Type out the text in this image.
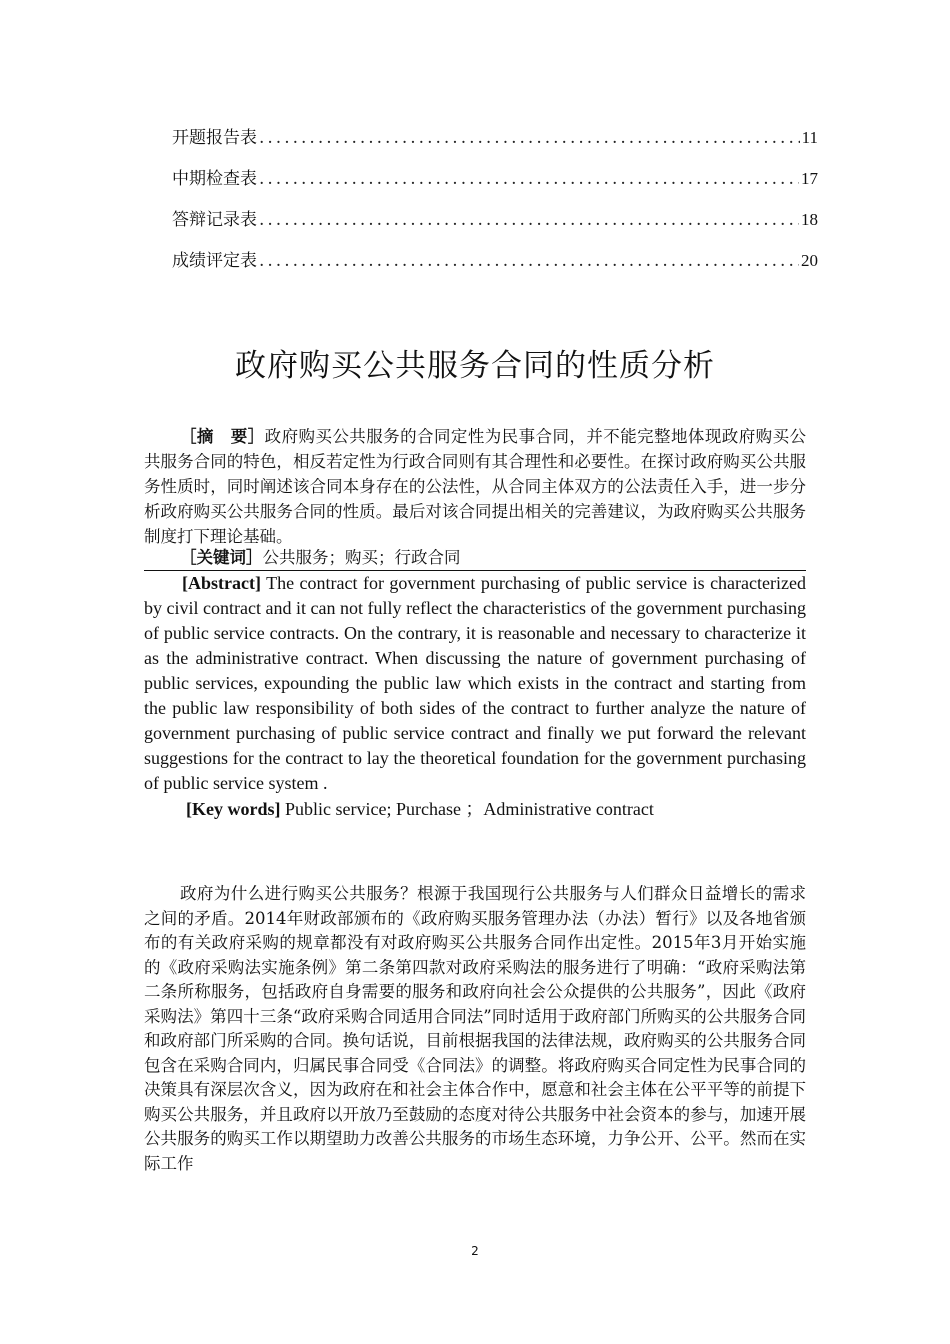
开题报告表 .....	11
中期检查表 .....	17
答辩记录表 .....	18
成绩评定表 .....	20
政府购买公共服务合同的性质分析
［摘　要］政府购买公共服务的合同定性为民事合同，并不能完整地体现政府购买公共服务合同的特色，相反若定性为行政合同则有其合理性和必要性。在探讨政府购买公共服务性质时，同时阐述该合同本身存在的公法性，从合同主体双方的公法责任入手，进一步分析政府购买公共服务合同的性质。最后对该合同提出相关的完善建议，为政府购买公共服务制度打下理论基础。
［关键词］公共服务；购买；行政合同
[Abstract] The contract for government purchasing of public service is characterized by civil contract and it can not fully reflect the characteristics of the government purchasing of public service contracts. On the contrary, it is reasonable and necessary to characterize it as the administrative contract. When discussing the nature of government purchasing of public services, expounding the public law which exists in the contract and starting from the public law responsibility of both sides of the contract to further analyze the nature of government purchasing of public service contract and finally we put forward the relevant suggestions for the contract to lay the theoretical foundation for the government purchasing of public service system .
[Key words] Public service; Purchase ；Administrative contract
政府为什么进行购买公共服务？根源于我国现行公共服务与人们群众日益增长的需求之间的矛盾。2014年财政部颁布的《政府购买服务管理办法（办法）暂行》以及各地省颁布的有关政府采购的规章都没有对政府购买公共服务合同作出定性。2015年3月开始实施的《政府采购法实施条例》第二条第四款对政府采购法的服务进行了明确：“政府采购法第二条所称服务，包括政府自身需要的服务和政府向社会公众提供的公共服务”，因此《政府采购法》第四十三条“政府采购合同适用合同法”同时适用于政府部门所购买的公共服务合同和政府部门所采购的合同。换句话说，目前根据我国的法律法规，政府购买的公共服务合同包含在采购合同内，归属民事合同受《合同法》的调整。将政府购买合同定性为民事合同的决策具有深层次含义，因为政府在和社会主体合作中，愿意和社会主体在公平平等的前提下购买公共服务，并且政府以开放乃至鼓励的态度对待公共服务中社会资本的参与，加速开展公共服务的购买工作以期望助力改善公共服务的市场生态环境，力争公开、公平。然而在实际工作
2
